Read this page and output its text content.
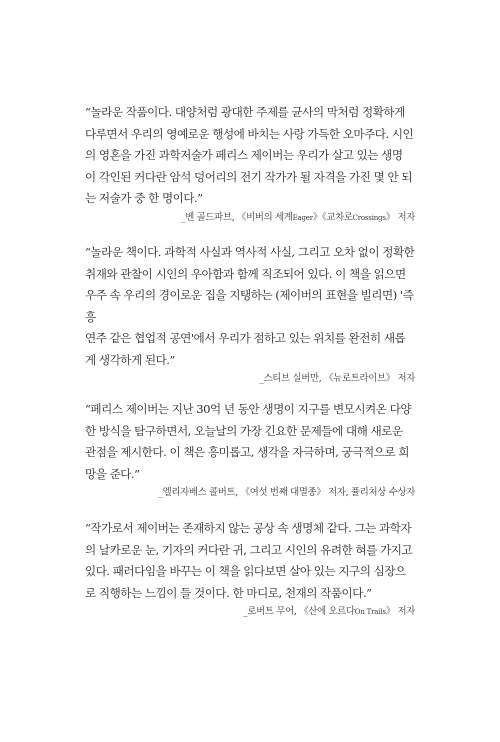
“놀라운 작품이다. 대양처럼 광대한 주제를 균사의 막처럼 정확하게
다루면서 우리의 영예로운 행성에 바치는 사랑 가득한 오마주다. 시인
의 영혼을 가진 과학저술가 페리스 제이버는 우리가 살고 있는 생명
이 각인된 커다란 암석 덩어리의 전기 작가가 될 자격을 가진 몇 안 되
는 저술가 중 한 명이다.”

_벤 골드파브, 《비버의 세계Eager》《교차로Crossings》 저자

“놀라운 책이다. 과학적 사실과 역사적 사실, 그리고 오차 없이 정확한
취재와 관찰이 시인의 우아함과 함께 직조되어 있다. 이 책을 읽으면
우주 속 우리의 경이로운 집을 지탱하는 (제이버의 표현을 빌리면) '즉흥
연주 같은 협업적 공연'에서 우리가 점하고 있는 위치를 완전히 새롭
게 생각하게 된다.”

_스티브 실버만, 《뉴로트라이브》 저자

“페리스 제이버는 지난 30억 년 동안 생명이 지구를 변모시켜온 다양
한 방식을 탐구하면서, 오늘날의 가장 긴요한 문제들에 대해 새로운
관점을 제시한다. 이 책은 흥미롭고, 생각을 자극하며, 궁극적으로 희
망을 준다.”

_엘리자베스 콜버트, 《여섯 번째 대멸종》 저자, 퓰리처상 수상자

“작가로서 제이버는 존재하지 않는 공상 속 생명체 같다. 그는 과학자
의 날카로운 눈, 기자의 커다란 귀, 그리고 시인의 유려한 혀를 가지고
있다. 패러다임을 바꾸는 이 책을 읽다보면 살아 있는 지구의 심장으
로 직행하는 느낌이 들 것이다. 한 마디로, 천재의 작품이다.”

_로버트 무어, 《산에 오르다On Trails》 저자
